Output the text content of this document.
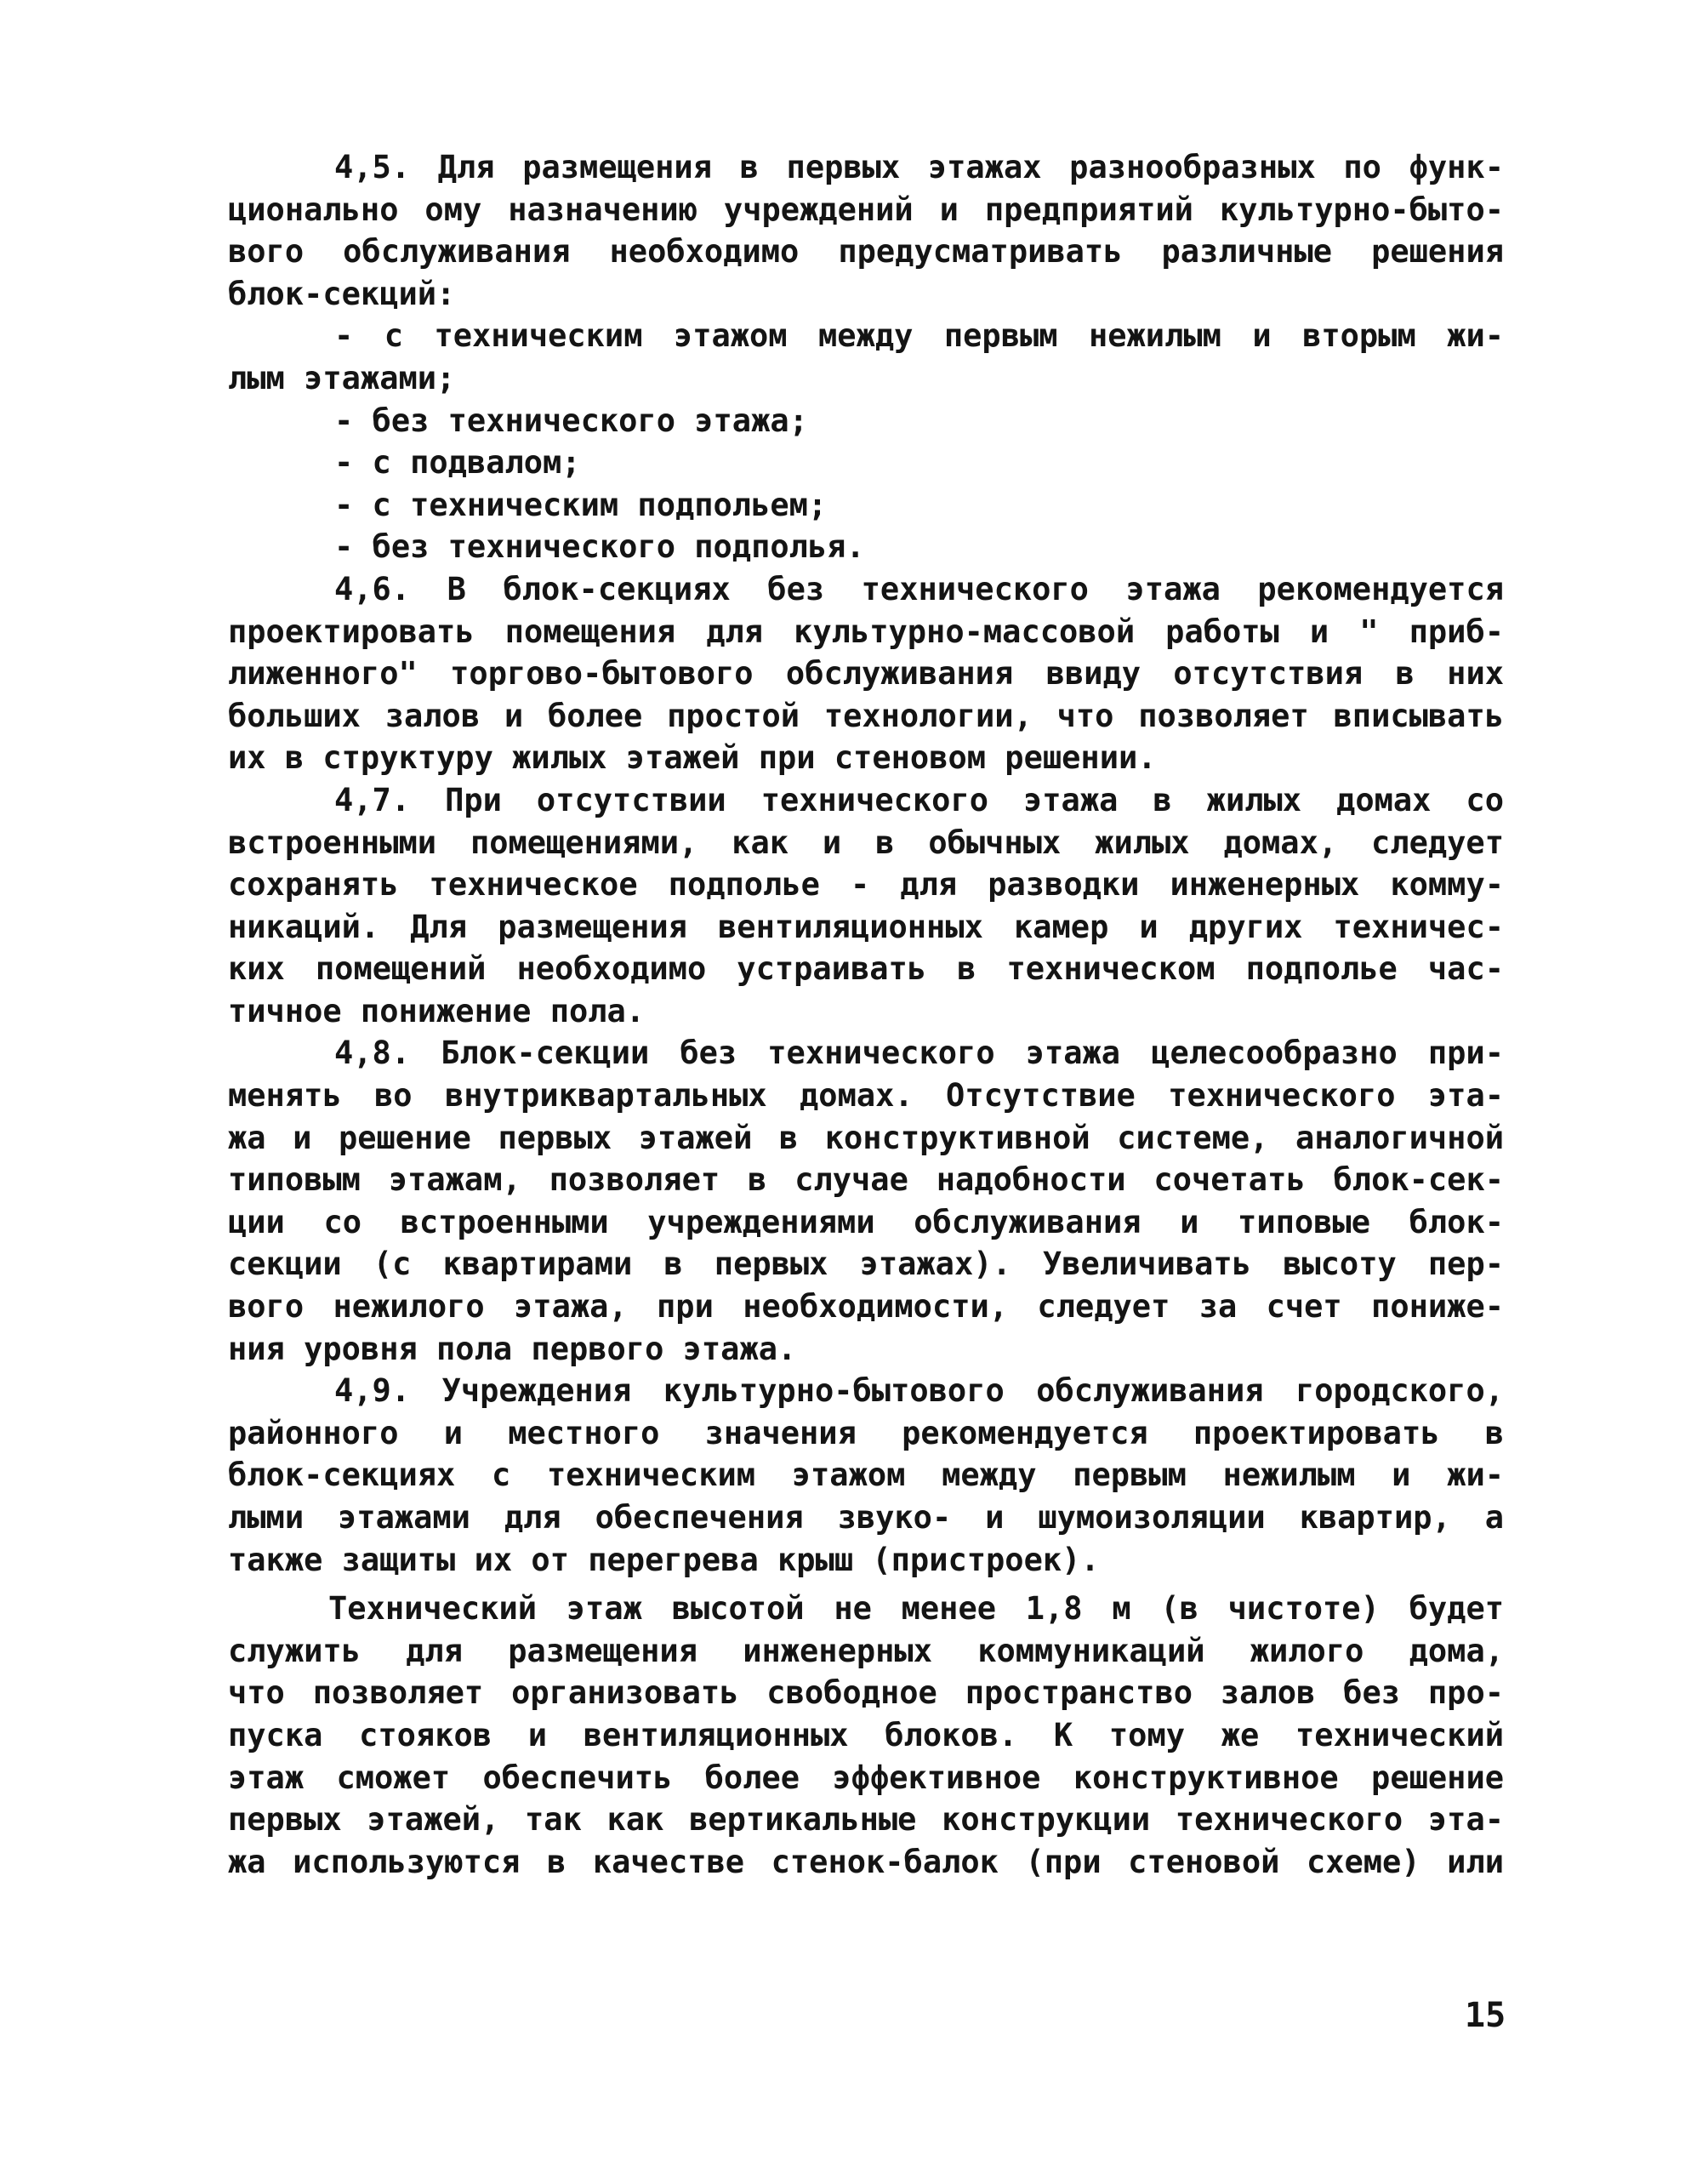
4,5. Для размещения в первых этажах разнообразных по функ-
ционально ому назначению учреждений и предприятий культурно-быто-
вого обслуживания необходимо предусматривать различные решения
блок-секций:
- с техническим этажом между первым нежилым и вторым жи-
лым этажами;
- без технического этажа;
- с подвалом;
- с техническим подпольем;
- без технического подполья.
4,6. В блок-секциях без технического этажа рекомендуется
проектировать помещения для культурно-массовой работы и " приб-
лиженного" торгово-бытового обслуживания ввиду отсутствия в них
больших залов и более простой технологии, что позволяет вписывать
их в структуру жилых этажей при стеновом решении.
4,7. При отсутствии технического этажа в жилых домах со
встроенными помещениями, как и в обычных жилых домах, следует
сохранять техническое подполье - для разводки инженерных комму-
никаций. Для размещения вентиляционных камер и других техничес-
ких помещений необходимо устраивать в техническом подполье час-
тичное понижение пола.
4,8. Блок-секции без технического этажа целесообразно при-
менять во внутриквартальных домах. Отсутствие технического эта-
жа и решение первых этажей в конструктивной системе, аналогичной
типовым этажам, позволяет в случае надобности сочетать блок-сек-
ции со встроенными учреждениями обслуживания и типовые блок-
секции (с квартирами в первых этажах). Увеличивать высоту пер-
вого нежилого этажа, при необходимости, следует за счет пониже-
ния уровня пола первого этажа.
4,9. Учреждения культурно-бытового обслуживания городского,
районного и местного значения рекомендуется проектировать в
блок-секциях с техническим этажом между первым нежилым и жи-
лыми этажами для обеспечения звуко- и шумоизоляции квартир, а
также защиты их от перегрева крыш (пристроек).
Технический этаж высотой не менее 1,8 м (в чистоте) будет
служить для размещения инженерных коммуникаций жилого дома,
что позволяет организовать свободное пространство залов без про-
пуска стояков и вентиляционных блоков. К тому же технический
этаж сможет обеспечить более эффективное конструктивное решение
первых этажей, так как вертикальные конструкции технического эта-
жа используются в качестве стенок-балок (при стеновой схеме) или
15
